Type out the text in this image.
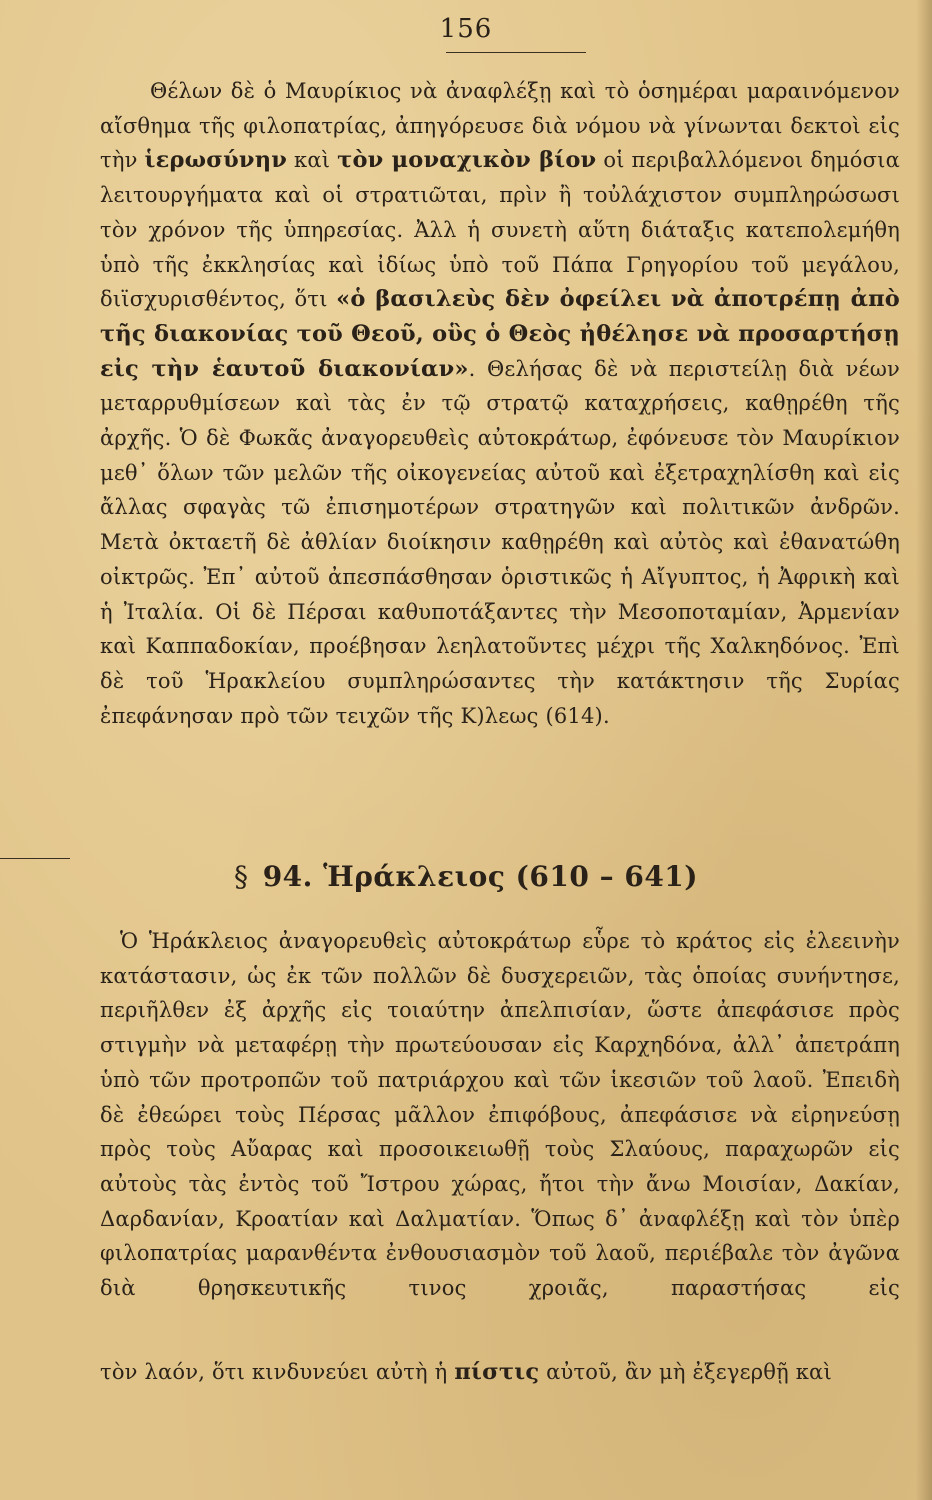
156
Θέλων δὲ ὁ Μαυρίκιος νὰ ἀναφλέξῃ καὶ τὸ ὁσημέραι μαραινόμενον αἴσθημα τῆς φιλοπατρίας, ἀπηγόρευσε διὰ νόμου νὰ γίνωνται δεκτοὶ εἰς τὴν ἱερωσύνην καὶ τὸν μοναχικὸν βίον οἱ περιβαλλόμενοι δημόσια λειτουργήματα καὶ οἱ στρατιῶται, πρὶν ἢ τοὐλάχιστον συμπληρώσωσι τὸν χρόνον τῆς ὑπηρεσίας. Ἀλλ ἡ συνετὴ αὕτη διάταξις κατεπολεμήθη ὑπὸ τῆς ἐκκλησίας καὶ ἰδίως ὑπὸ τοῦ Πάπα Γρηγορίου τοῦ μεγάλου, διϊσχυρισθέντος, ὅτι «ὁ βασιλεὺς δὲν ὀφείλει νὰ ἀποτρέπῃ ἀπὸ τῆς διακονίας τοῦ Θεοῦ, οὓς ὁ Θεὸς ἠθέλησε νὰ προσαρτήσῃ εἰς τὴν ἑαυτοῦ διακονίαν». Θελήσας δὲ νὰ περιστείλῃ διὰ νέων μεταρρυθμίσεων καὶ τὰς ἐν τῷ στρατῷ καταχρήσεις, καθῃρέθη τῆς ἀρχῆς. Ὁ δὲ Φωκᾶς ἀναγορευθεὶς αὐτοκράτωρ, ἐφόνευσε τὸν Μαυρίκιον μεθ᾽ ὅλων τῶν μελῶν τῆς οἰκογενείας αὐτοῦ καὶ ἐξετραχηλίσθη καὶ εἰς ἄλλας σφαγὰς τῶ ἐπισημοτέρων στρατηγῶν καὶ πολιτικῶν ἀνδρῶν. Μετὰ ὀκταετῆ δὲ ἀθλίαν διοίκησιν καθῃρέθη καὶ αὐτὸς καὶ ἐθανατώθη οἰκτρῶς. Ἐπ᾽ αὐτοῦ ἀπεσπάσθησαν ὁριστικῶς ἡ Αἴγυπτος, ἡ Ἀφρικὴ καὶ ἡ Ἰταλία. Οἱ δὲ Πέρσαι καθυποτάξαντες τὴν Μεσοποταμίαν, Ἀρμενίαν καὶ Καππαδοκίαν, προέβησαν λεηλατοῦντες μέχρι τῆς Χαλκηδόνος. Ἐπὶ δὲ τοῦ Ἡρακλείου συμπληρώσαντες τὴν κατάκτησιν τῆς Συρίας ἐπεφάνησαν πρὸ τῶν τειχῶν τῆς Κ)λεως (614).
§ 94. Ἡράκλειος (610 – 641)
Ὁ Ἡράκλειος ἀναγορευθεὶς αὐτοκράτωρ εὗρε τὸ κράτος εἰς ἐλεεινὴν κατάστασιν, ὡς ἐκ τῶν πολλῶν δὲ δυσχερειῶν, τὰς ὁποίας συνήντησε, περιῆλθεν ἐξ ἀρχῆς εἰς τοιαύτην ἀπελπισίαν, ὥστε ἀπεφάσισε πρὸς στιγμὴν νὰ μεταφέρῃ τὴν πρωτεύουσαν εἰς Καρχηδόνα, ἀλλ᾽ ἀπετράπη ὑπὸ τῶν προτροπῶν τοῦ πατριάρχου καὶ τῶν ἱκεσιῶν τοῦ λαοῦ. Ἐπειδὴ δὲ ἐθεώρει τοὺς Πέρσας μᾶλλον ἐπιφόβους, ἀπεφάσισε νὰ εἰρηνεύσῃ πρὸς τοὺς Αὔαρας καὶ προσοικειωθῇ τοὺς Σλαύους, παραχωρῶν εἰς αὐτοὺς τὰς ἐντὸς τοῦ Ἴστρου χώρας, ἤτοι τὴν ἄνω Μοισίαν, Δακίαν, Δαρδανίαν, Κροατίαν καὶ Δαλματίαν. Ὅπως δ᾽ ἀναφλέξῃ καὶ τὸν ὑπὲρ φιλοπατρίας μαρανθέντα ἐνθουσιασμὸν τοῦ λαοῦ, περιέβαλε τὸν ἀγῶνα διὰ θρησκευτικῆς τινος χροιᾶς, παραστήσας εἰς
τὸν λαόν, ὅτι κινδυνεύει αὐτὴ ἡ πίστις αὐτοῦ, ἂν μὴ ἐξεγερθῇ καὶ
